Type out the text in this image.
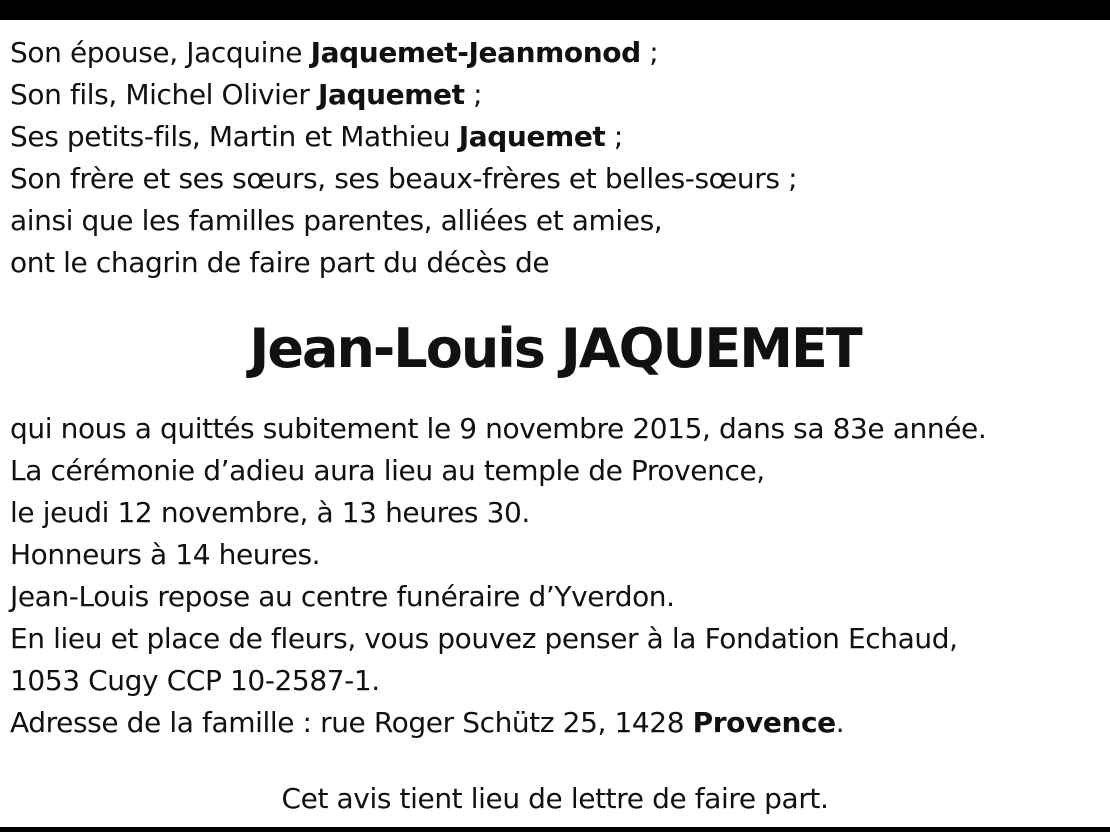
Son épouse, Jacquine Jaquemet-Jeanmonod ;
Son fils, Michel Olivier Jaquemet ;
Ses petits-fils, Martin et Mathieu Jaquemet ;
Son frère et ses sœurs, ses beaux-frères et belles-sœurs ;
ainsi que les familles parentes, alliées et amies,
ont le chagrin de faire part du décès de
Jean-Louis JAQUEMET
qui nous a quittés subitement le 9 novembre 2015, dans sa 83e année.
La cérémonie d’adieu aura lieu au temple de Provence,
le jeudi 12 novembre, à 13 heures 30.
Honneurs à 14 heures.
Jean-Louis repose au centre funéraire d’Yverdon.
En lieu et place de fleurs, vous pouvez penser à la Fondation Echaud,
1053 Cugy CCP 10-2587-1.
Adresse de la famille : rue Roger Schütz 25, 1428 Provence.
Cet avis tient lieu de lettre de faire part.
